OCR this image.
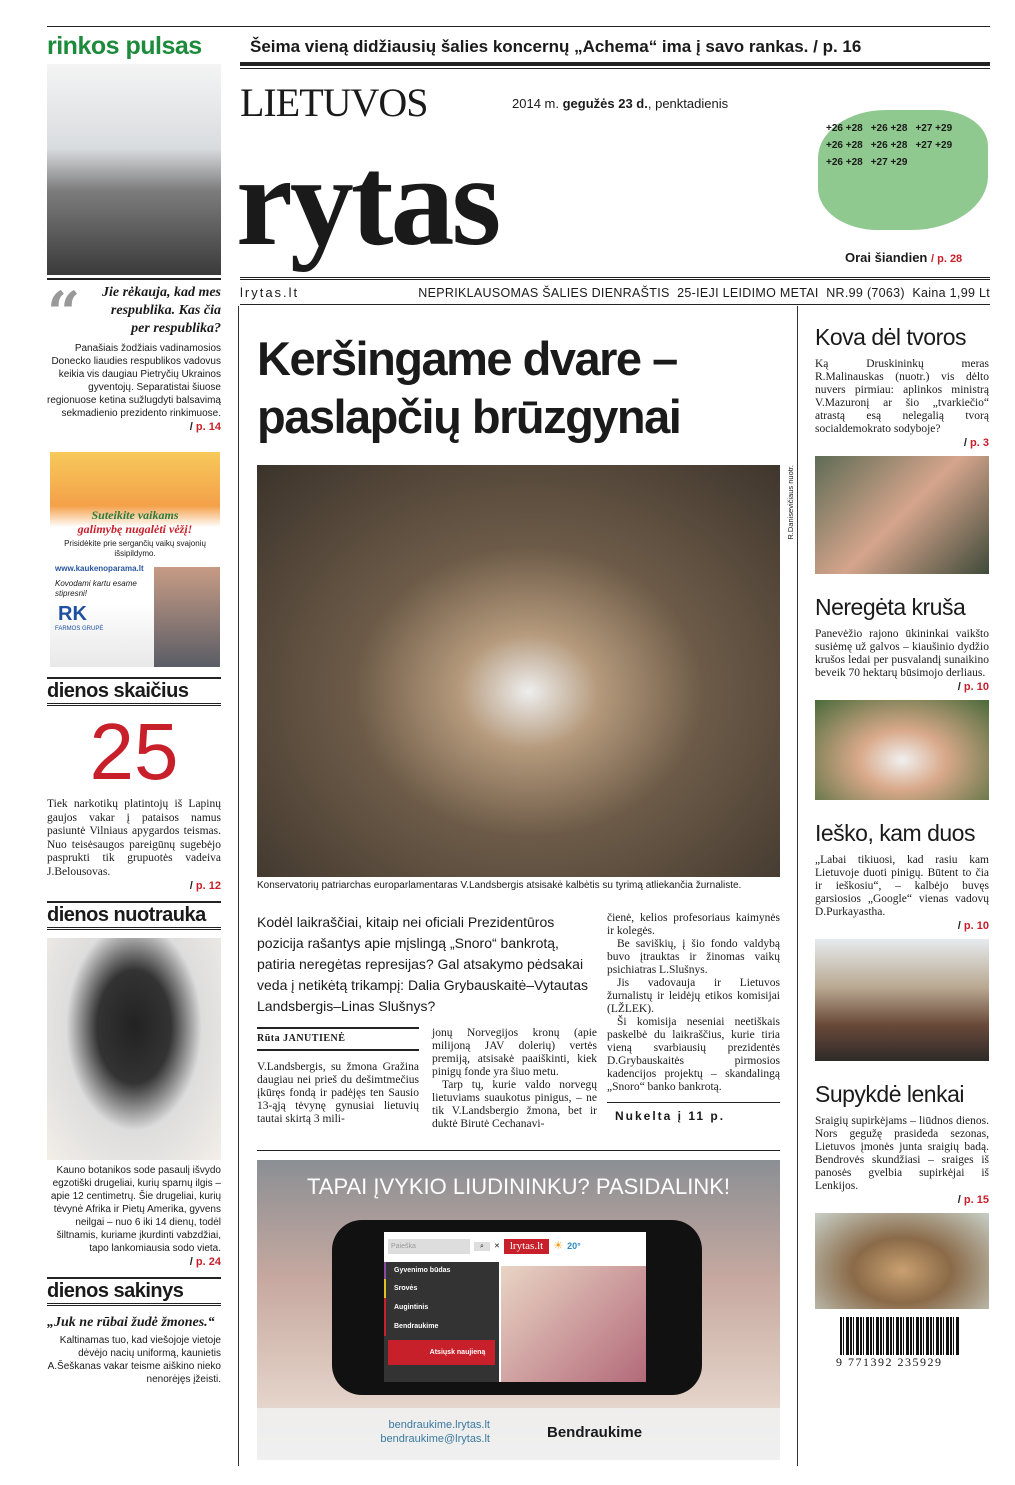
rinkos pulsas	Šeima vieną didžiausių šalies koncernų „Achema“ ima į savo rankas. / p. 16
LIETUVOS	2014 m. gegužės 23 d., penktadienis
rytas
+26 +28 +26 +28 +27 +29
+26 +28 +26 +28 +27 +29
+26 +28 +27 +29
Orai šiandien / p. 28
lrytas.lt	NEPRIKLAUSOMAS ŠALIES DIENRAŠTIS 25-IEJI LEIDIMO METAI NR.99 (7063) Kaina 1,99 Lt
“	Jie rėkauja, kad mes respublika. Kas čia per respublika?
Panašiais žodžiais vadinamosios Donecko liaudies respublikos vadovus keikia vis daugiau Pietryčių Ukrainos gyventojų. Separatistai šiuose regionuose ketina sužlugdyti balsavimą sekmadienio prezidento rinkimuose.
/ p. 14
Suteikite vaikams
galimybę nugalėti vėžį!
Prisidėkite prie sergančių vaikų svajonių išsipildymo.
www.kaukenoparama.lt
Kovodami kartu esame stipresni!
RK
FARMOS GRUPĖ
dienos skaičius
25
Tiek narkotikų platintojų iš Lapinų gaujos vakar į pataisos namus pasiuntė Vilniaus apygardos teismas. Nuo teisėsaugos pareigūnų sugebėjo pasprukti tik grupuotės vadeiva J.Belousovas.
/ p. 12
dienos nuotrauka
Kauno botanikos sode pasaulį išvydo egzotiški drugeliai, kurių sparnų ilgis – apie 12 centimetrų. Šie drugeliai, kurių tėvynė Afrika ir Pietų Amerika, gyvens neilgai – nuo 6 iki 14 dienų, todėl šiltnamis, kuriame įkurdinti vabzdžiai, tapo lankomiausia sodo vieta.
/ p. 24
dienos sakinys
„Juk ne rūbai žudė žmones.“
Kaltinamas tuo, kad viešojoje vietoje dėvėjo nacių uniformą, kaunietis A.Šeškanas vakar teisme aiškino nieko nenorėjęs įžeisti.
Keršingame dvare – paslapčių brūzgynai
R.Danisevičiaus nuotr.
Konservatorių patriarchas europarlamentaras V.Landsbergis atsisakė kalbėtis su tyrimą atliekančia žurnaliste.
Kodėl laikraščiai, kitaip nei oficiali Prezidentūros pozicija rašantys apie mįslingą „Snoro“ bankrotą, patiria neregėtas represijas? Gal atsakymo pėdsakai veda į netikėtą trikampį: Dalia Grybauskaitė–Vytautas Landsbergis–Linas Slušnys?
Rūta JANUTIENĖ
V.Landsbergis, su žmona Gražina daugiau nei prieš du dešimtmečius įkūręs fondą ir padėjęs ten Sausio 13-ąją tėvynę gynusiai lietuvių tautai skirtą 3 mili-

jonų Norvegijos kronų (apie milijoną JAV dolerių) vertės premiją, atsisakė paaiškinti, kiek pinigų fonde yra šiuo metu.

Tarp tų, kurie valdo norvegų lietuviams suaukotus pinigus, – ne tik V.Landsbergio žmona, bet ir duktė Birutė Cechanavi-

čienė, kelios profesoriaus kaimynės ir kolegės.

Be saviškių, į šio fondo valdybą buvo įtrauktas ir žinomas vaikų psichiatras L.Slušnys.

Jis vadovauja ir Lietuvos žurnalistų ir leidėjų etikos komisijai (LŽLEK).

Ši komisija neseniai neetiškais paskelbė du laikraščius, kurie tiria vieną svarbiausių prezidentės D.Grybauskaitės pirmosios kadencijos projektų – skandalingą „Snoro“ banko bankrotą.

Nukelta į 11 p.
TAPAI ĮVYKIO LIUDININKU? PASIDALINK!
Paieška	⌕	✕ lrytas.lt ☀ 20°
Gyvenimo būdas
Srovės
Augintinis
Bendraukime
Atsiųsk naujieną
bendraukime.lrytas.lt
bendraukime@lrytas.lt	Bendraukime
Kova dėl tvoros
Ką Druskininkų meras R.Malinauskas (nuotr.) vis dėlto nuvers pirmiau: aplinkos ministrą V.Mazuronį ar šio „tvarkiečio“ atrastą esą nelegalią tvorą socialdemokrato sodyboje?
/ p. 3
Neregėta kruša
Panevėžio rajono ūkininkai vaikšto susiėmę už galvos – kiaušinio dydžio krušos ledai per pusvalandį sunaikino beveik 70 hektarų būsimojo derliaus.
/ p. 10
Ieško, kam duos
„Labai tikiuosi, kad rasiu kam Lietuvoje duoti pinigų. Būtent to čia ir ieškosiu“, – kalbėjo buvęs garsiosios „Google“ vienas vadovų D.Purkayastha.
/ p. 10
Supykdė lenkai
Sraigių supirkėjams – liūdnos dienos. Nors gegužę prasideda sezonas, Lietuvos įmonės junta sraigių badą. Bendrovės skundžiasi – sraiges iš panosės gvelbia supirkėjai iš Lenkijos.
/ p. 15
9 771392 235929
